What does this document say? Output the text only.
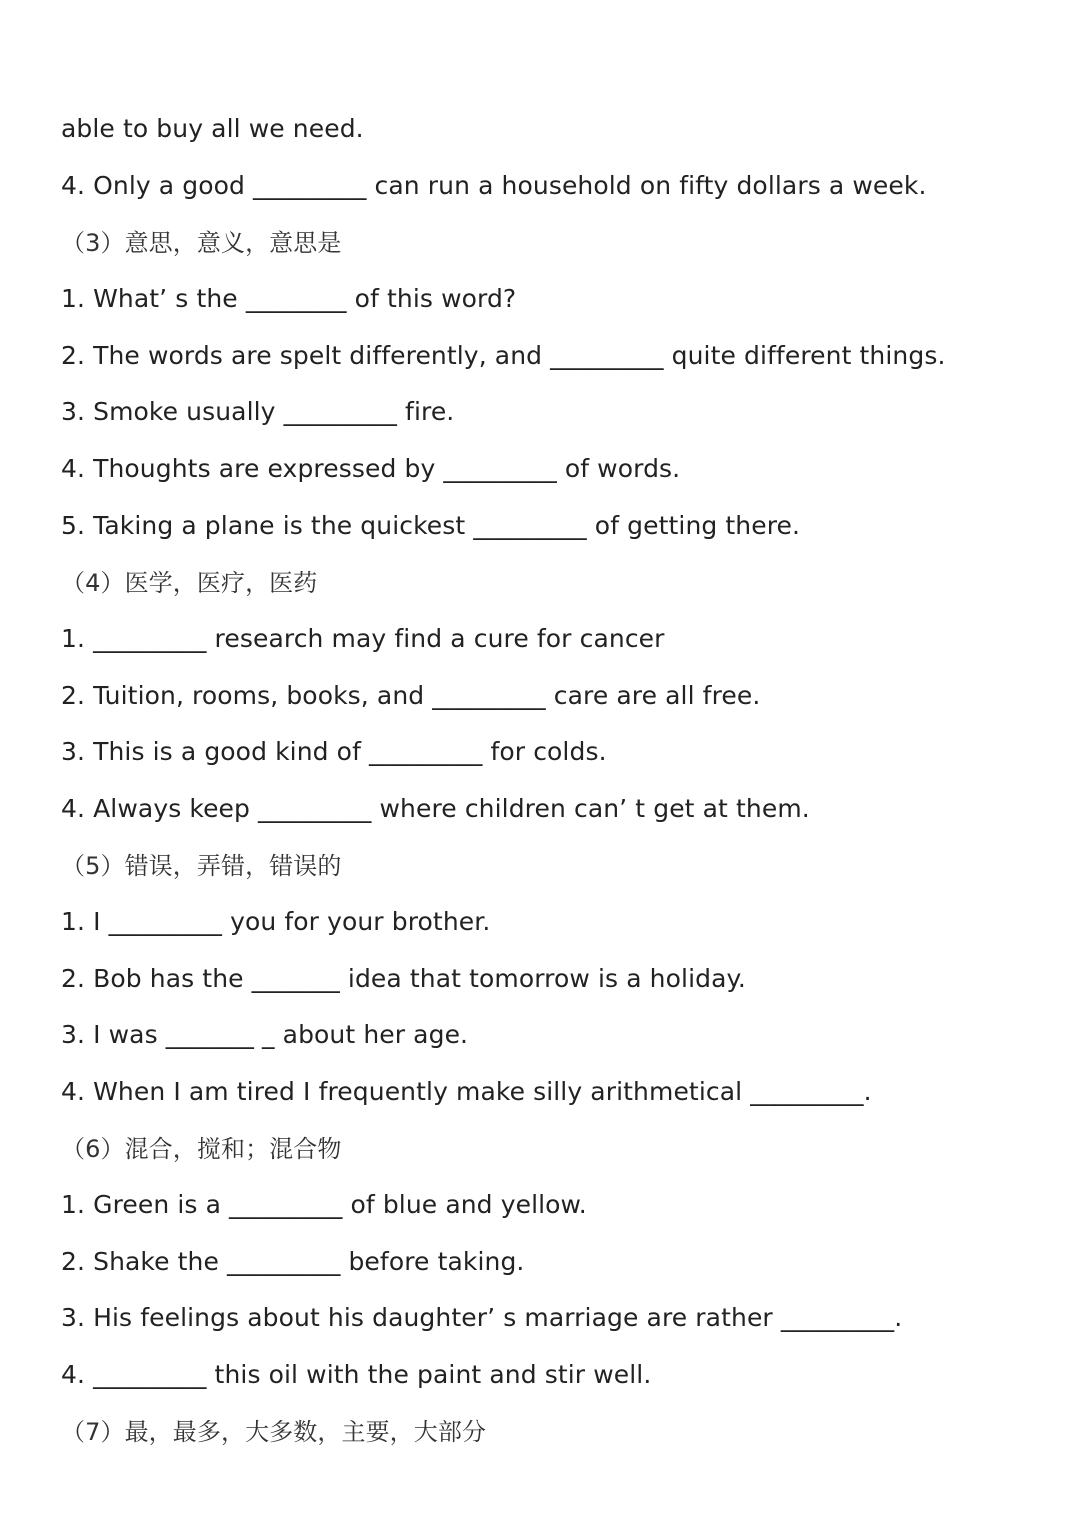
able to buy all we need.
4. Only a good _________ can run a household on fifty dollars a week.
（3）意思，意义，意思是
1. What’ s the ________ of this word?
2. The words are spelt differently, and _________ quite different things.
3. Smoke usually _________ fire.
4. Thoughts are expressed by _________ of words.
5. Taking a plane is the quickest _________ of getting there.
（4）医学，医疗，医药
1. _________ research may find a cure for cancer
2. Tuition, rooms, books, and _________ care are all free.
3. This is a good kind of _________ for colds.
4. Always keep _________ where children can’ t get at them.
（5）错误，弄错，错误的
1. I _________ you for your brother.
2. Bob has the _______ idea that tomorrow is a holiday.
3. I was _______ _ about her age.
4. When I am tired I frequently make silly arithmetical _________.
（6）混合，搅和；混合物
1. Green is a _________ of blue and yellow.
2. Shake the _________ before taking.
3. His feelings about his daughter’ s marriage are rather _________.
4. _________ this oil with the paint and stir well.
（7）最，最多，大多数，主要，大部分
